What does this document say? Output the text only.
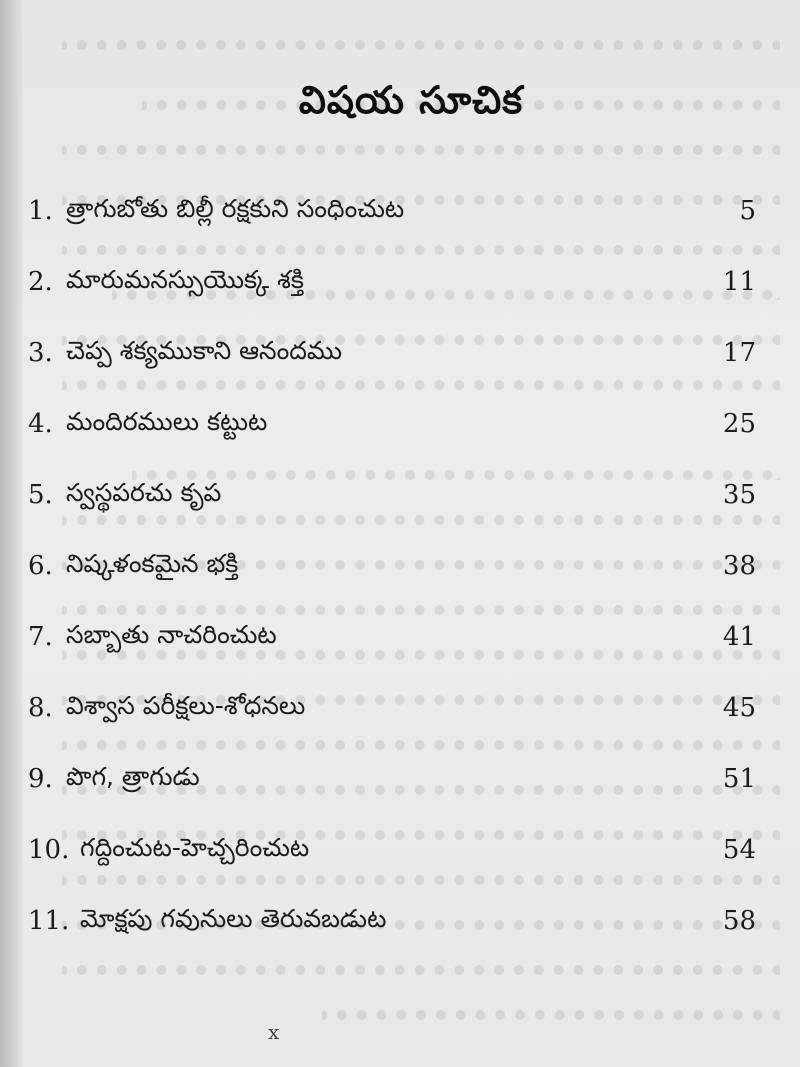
విషయ సూచిక
1. త్రాగుబోతు బిల్లీ రక్షకుని సంధించుట	5
2. మారుమనస్సుయొక్క శక్తి	11
3. చెప్ప శక్యముకాని ఆనందము	17
4. మందిరములు కట్టుట	25
5. స్వస్థపరచు కృప	35
6. నిష్కళంకమైన భక్తి	38
7. సబ్బాతు నాచరించుట	41
8. విశ్వాస పరీక్షలు-శోధనలు	45
9. పొగ, త్రాగుడు	51
10. గద్దించుట-హెచ్చరించుట	54
11. మోక్షపు గవునులు తెరువబడుట	58
x
